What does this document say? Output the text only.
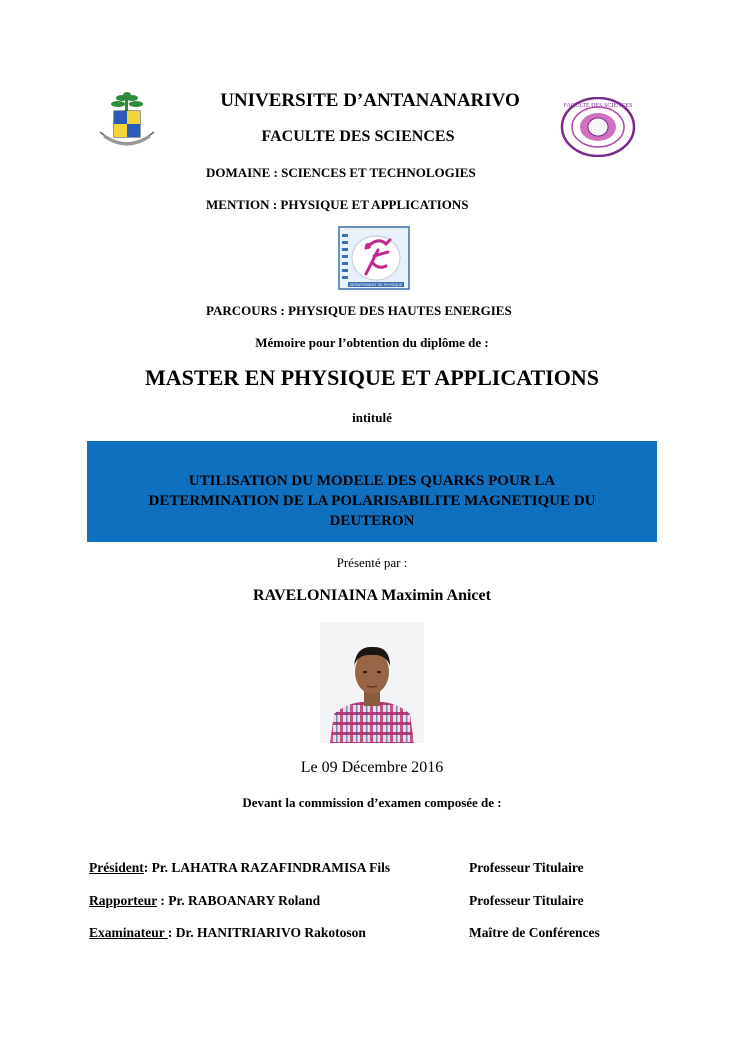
FACULTE DES SCIENCES
UNIVERSITE D’ANTANANARIVO
FACULTE DES SCIENCES
DOMAINE : SCIENCES ET TECHNOLOGIES
MENTION : PHYSIQUE ET APPLICATIONS
DEPARTEMENT DE PHYSIQUE
PARCOURS : PHYSIQUE DES HAUTES ENERGIES
Mémoire pour l’obtention du diplôme de :
MASTER EN PHYSIQUE ET APPLICATIONS
intitulé
UTILISATION DU MODELE DES QUARKS POUR LA
DETERMINATION DE LA POLARISABILITE MAGNETIQUE DU
DEUTERON
Présenté par :
RAVELONIAINA Maximin Anicet
Le 09 Décembre 2016
Devant la commission d’examen composée de :
Président: Pr. LAHATRA RAZAFINDRAMISA Fils	Professeur Titulaire
Rapporteur : Pr. RABOANARY Roland	Professeur Titulaire
Examinateur : Dr. HANITRIARIVO Rakotoson	Maître de Conférences
